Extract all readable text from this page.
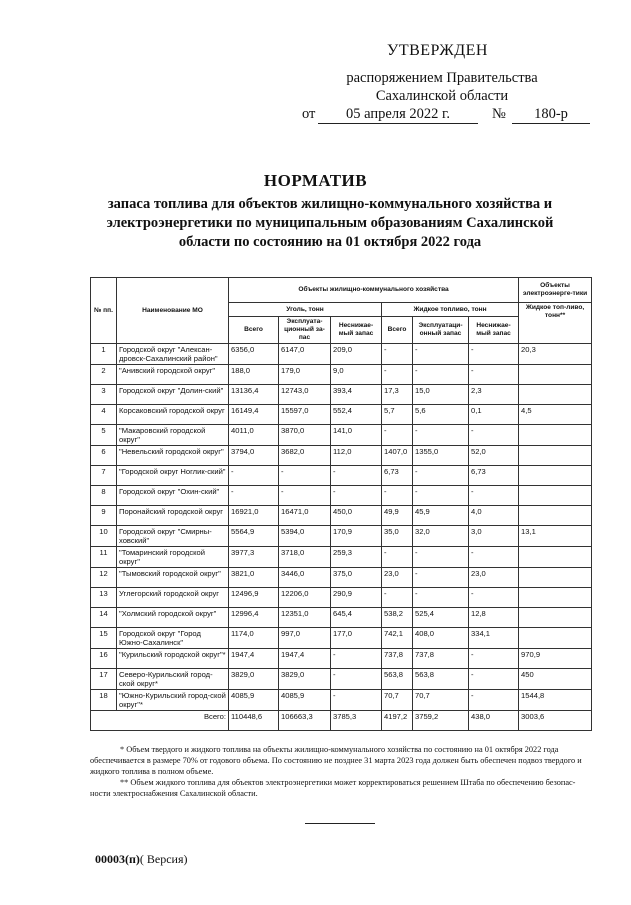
УТВЕРЖДЕН
распоряжением Правительства
Сахалинской области
от	05 апреля 2022 г.	№	180-р
НОРМАТИВ
запаса топлива для объектов жилищно-коммунального хозяйства и электроэнергетики по муниципальным образованиям Сахалинской области по состоянию на 01 октября 2022 года
№ пп.	Наименование МО	Объекты жилищно-коммунального хозяйства						Объекты электроэнерге-тики
		Уголь, тонн			Жидкое топливо, тонн			Жидкое топ-ливо, тонн**
		Всего	Эксплуата-ционный за-пас	Неснижае-мый запас	Всего	Эксплуатаци-онный запас	Неснижае-мый запас	
1	Городской округ "Алексан-дровск-Сахалинский район"	6356,0	6147,0	209,0	-	-	-	20,3
2	"Анивский городской округ"	188,0	179,0	9,0	-	-	-	
3	Городской округ "Долин-ский"	13136,4	12743,0	393,4	17,3	15,0	2,3	
4	Корсаковский городской округ	16149,4	15597,0	552,4	5,7	5,6	0,1	4,5
5	"Макаровский городской округ"	4011,0	3870,0	141,0	-	-	-	
6	"Невельский городской округ"	3794,0	3682,0	112,0	1407,0	1355,0	52,0	
7	"Городской округ Ноглик-ский"	-	-	-	6,73	-	6,73	
8	Городской округ "Охин-ский"	-	-	-	-	-	-	
9	Поронайский городской округ	16921,0	16471,0	450,0	49,9	45,9	4,0	
10	Городской округ "Смирны-ховский"	5564,9	5394,0	170,9	35,0	32,0	3,0	13,1
11	"Томаринский городской округ"	3977,3	3718,0	259,3	-	-	-	
12	"Тымовский городской округ"	3821,0	3446,0	375,0	23,0	-	23,0	
13	Углегорский городской округ	12496,9	12206,0	290,9	-	-	-	
14	"Холмский городской округ"	12996,4	12351,0	645,4	538,2	525,4	12,8	
15	Городской округ "Город Южно-Сахалинск"	1174,0	997,0	177,0	742,1	408,0	334,1	
16	"Курильский городской округ"*	1947,4	1947,4	-	737,8	737,8	-	970,9
17	Северо-Курильский город-ской округ*	3829,0	3829,0	-	563,8	563,8	-	450
18	"Южно-Курильский город-ской округ"*	4085,9	4085,9	-	70,7	70,7	-	1544,8
Всего:		110448,6	106663,3	3785,3	4197,2	3759,2	438,0	3003,6
* Объем твердого и жидкого топлива на объекты жилищно-коммунального хозяйства по состоянию на 01 октября 2022 года обеспечивается в размере 70% от годового объема. По состоянию не позднее 31 марта 2023 года должен быть обеспечен подвоз твердого и жидкого топлива в полном объеме.
** Объем жидкого топлива для объектов электроэнергетики может корректироваться решением Штаба по обеспечению безопас-ности электроснабжения Сахалинской области.
00003(п)( Версия)
